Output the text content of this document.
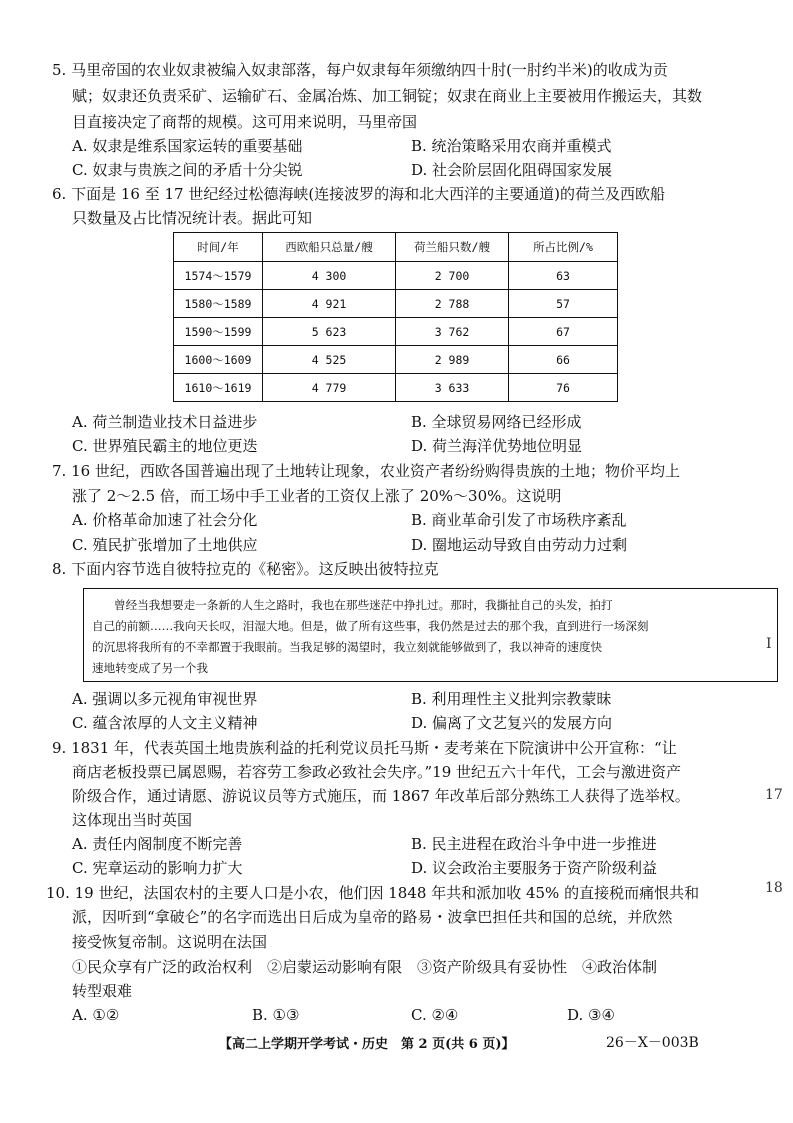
5. 马里帝国的农业奴隶被编入奴隶部落，每户奴隶每年须缴纳四十肘(一肘约半米)的收成为贡
赋；奴隶还负责采矿、运输矿石、金属冶炼、加工铜锭；奴隶在商业上主要被用作搬运夫，其数
目直接决定了商帮的规模。这可用来说明，马里帝国
A. 奴隶是维系国家运转的重要基础	B. 统治策略采用农商并重模式
C. 奴隶与贵族之间的矛盾十分尖锐	D. 社会阶层固化阻碍国家发展
6. 下面是 16 至 17 世纪经过松德海峡(连接波罗的海和北大西洋的主要通道)的荷兰及西欧船
只数量及占比情况统计表。据此可知
时间/年	西欧船只总量/艘	荷兰船只数/艘	所占比例/%
1574～1579	4 300	2 700	63
1580～1589	4 921	2 788	57
1590～1599	5 623	3 762	67
1600～1609	4 525	2 989	66
1610～1619	4 779	3 633	76
A. 荷兰制造业技术日益进步	B. 全球贸易网络已经形成
C. 世界殖民霸主的地位更迭	D. 荷兰海洋优势地位明显
7. 16 世纪，西欧各国普遍出现了土地转让现象，农业资产者纷纷购得贵族的土地；物价平均上
涨了 2～2.5 倍，而工场中手工业者的工资仅上涨了 20%～30%。这说明
A. 价格革命加速了社会分化	B. 商业革命引发了市场秩序紊乱
C. 殖民扩张增加了土地供应	D. 圈地运动导致自由劳动力过剩
8. 下面内容节选自彼特拉克的《秘密》。这反映出彼特拉克
曾经当我想要走一条新的人生之路时，我也在那些迷茫中挣扎过。那时，我撕扯自己的头发，拍打
自己的前额……我向天长叹，泪湿大地。但是，做了所有这些事，我仍然是过去的那个我，直到进行一场深刻
的沉思将我所有的不幸都置于我眼前。当我足够的渴望时，我立刻就能够做到了，我以神奇的速度快
速地转变成了另一个我
A. 强调以多元视角审视世界	B. 利用理性主义批判宗教蒙昧
C. 蕴含浓厚的人文主义精神	D. 偏离了文艺复兴的发展方向
9. 1831 年，代表英国土地贵族利益的托利党议员托马斯・麦考莱在下院演讲中公开宣称：“让
商店老板投票已属恩赐，若容劳工参政必致社会失序。”19 世纪五六十年代，工会与激进资产
阶级合作，通过请愿、游说议员等方式施压，而 1867 年改革后部分熟练工人获得了选举权。
这体现出当时英国
A. 责任内阁制度不断完善	B. 民主进程在政治斗争中进一步推进
C. 宪章运动的影响力扩大	D. 议会政治主要服务于资产阶级利益
10. 19 世纪，法国农村的主要人口是小农，他们因 1848 年共和派加收 45% 的直接税而痛恨共和
派，因听到“拿破仑”的名字而选出日后成为皇帝的路易・波拿巴担任共和国的总统，并欣然
接受恢复帝制。这说明在法国
①民众享有广泛的政治权利　②启蒙运动影响有限　③资产阶级具有妥协性　④政治体制
转型艰难
A. ①②	B. ①③	C. ②④	D. ③④
【高二上学期开学考试・历史　第 2 页(共 6 页)】	26－X－003B
I
17
18
